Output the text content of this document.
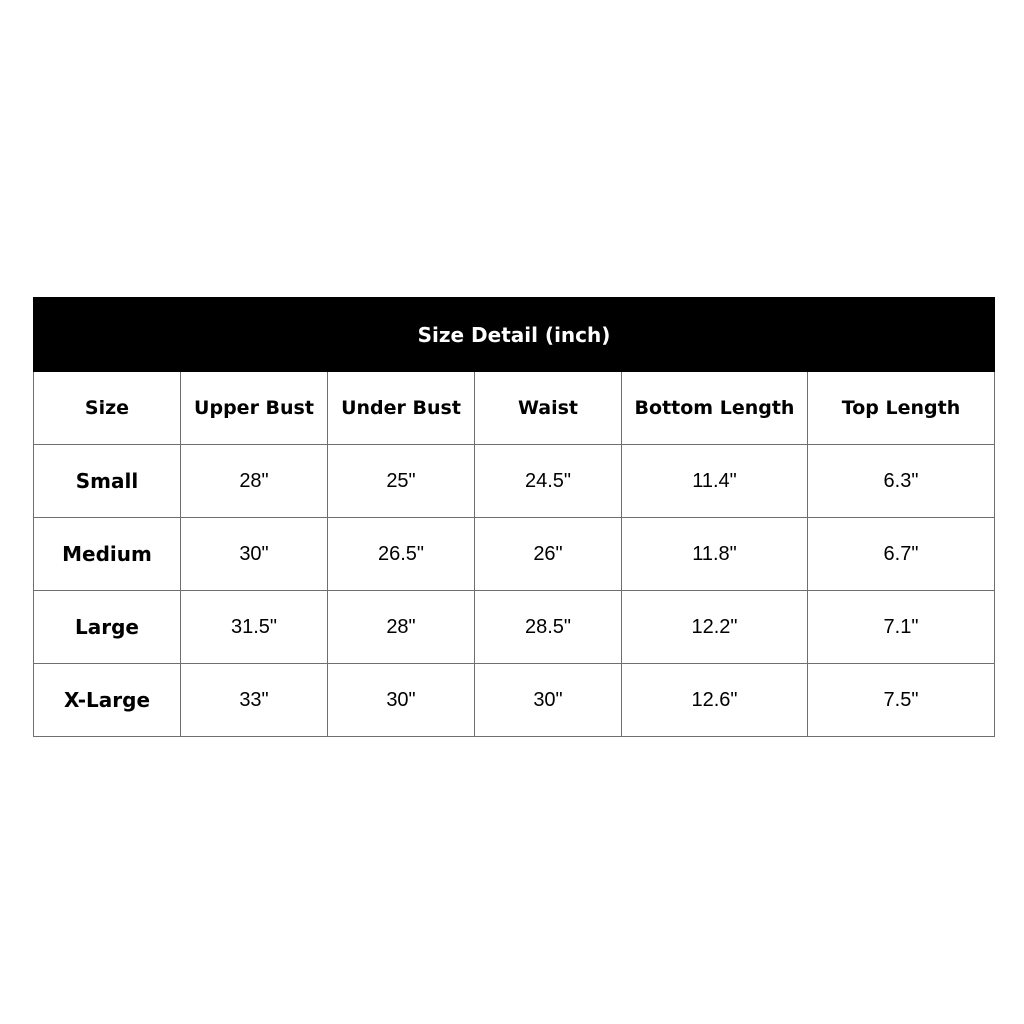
Size Detail (inch)					
Size	Upper Bust	Under Bust	Waist	Bottom Length	Top Length
Small	28"	25"	24.5"	11.4"	6.3"
Medium	30"	26.5"	26"	11.8"	6.7"
Large	31.5"	28"	28.5"	12.2"	7.1"
X-Large	33"	30"	30"	12.6"	7.5"
